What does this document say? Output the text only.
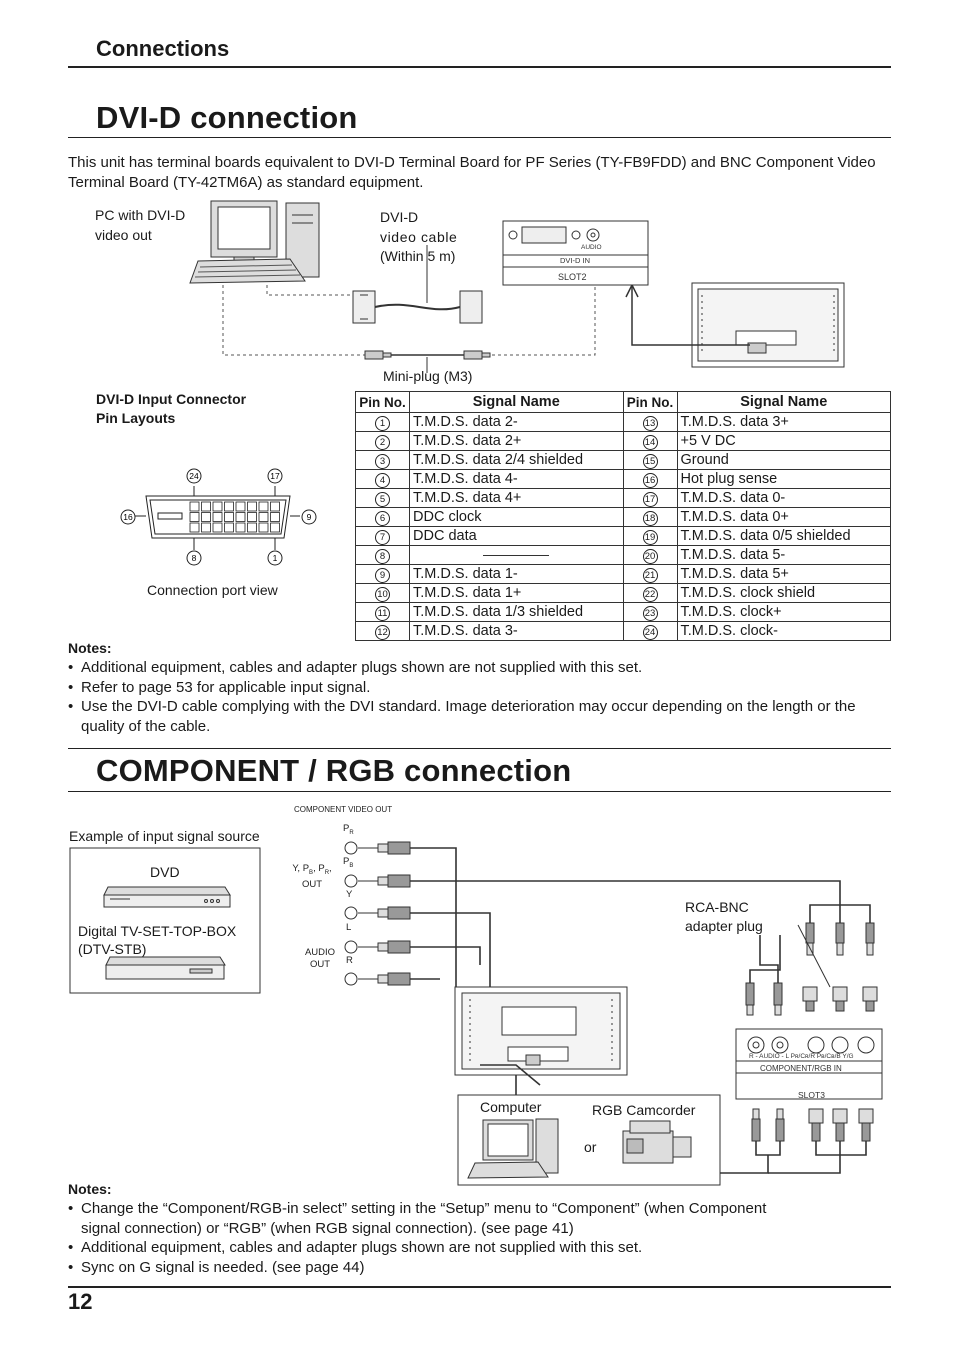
Connections
DVI-D connection
This unit has terminal boards equivalent to DVI-D Terminal Board for PF Series (TY-FB9FDD) and BNC Component Video Terminal Board (TY-42TM6A) as standard equipment.
AUDIO
DVI-D IN
SLOT2
PC with DVI-D
video out
DVI-D
video cable
(Within 5 m)
Mini-plug (M3)
DVI-D Input Connector
Pin Layouts
24	17
16	9
8	1
Connection port view
Pin No.	Signal Name	Pin No.	Signal Name
1	T.M.D.S. data 2-	13	T.M.D.S. data 3+
2	T.M.D.S. data 2+	14	+5 V DC
3	T.M.D.S. data 2/4 shielded	15	Ground
4	T.M.D.S. data 4-	16	Hot plug sense
5	T.M.D.S. data 4+	17	T.M.D.S. data 0-
6	DDC clock	18	T.M.D.S. data 0+
7	DDC data	19	T.M.D.S. data 0/5 shielded
8		20	T.M.D.S. data 5-
9	T.M.D.S. data 1-	21	T.M.D.S. data 5+
10	T.M.D.S. data 1+	22	T.M.D.S. clock shield
11	T.M.D.S. data 1/3 shielded	23	T.M.D.S. clock+
12	T.M.D.S. data 3-	24	T.M.D.S. clock-
Notes:
• Additional equipment, cables and adapter plugs shown are not supplied with this set.
• Refer to page 53 for applicable input signal.
• Use the DVI-D cable complying with the DVI standard. Image deterioration may occur depending on the length or the quality of the cable.
COMPONENT / RGB connection
COMPONENT VIDEO OUT
Example of input signal source
R - AUDIO - L Pʀ/Cʀ/R Pʙ/Cʙ/B Y/G
COMPONENT/RGB IN
SLOT3
DVD
Digital TV-SET-TOP-BOX
(DTV-STB)
Y, $P_B$, $P_R$,
OUT
AUDIO
OUT
$P_R$
$P_B$
Y
L
R
RCA-BNC
adapter plug
Computer	RGB Camcorder
or
Notes:
• Change the “Component/RGB-in select” setting in the “Setup” menu to “Component” (when Component signal connection) or “RGB” (when RGB signal connection). (see page 41)
• Additional equipment, cables and adapter plugs shown are not supplied with this set.
• Sync on G signal is needed. (see page 44)
12
